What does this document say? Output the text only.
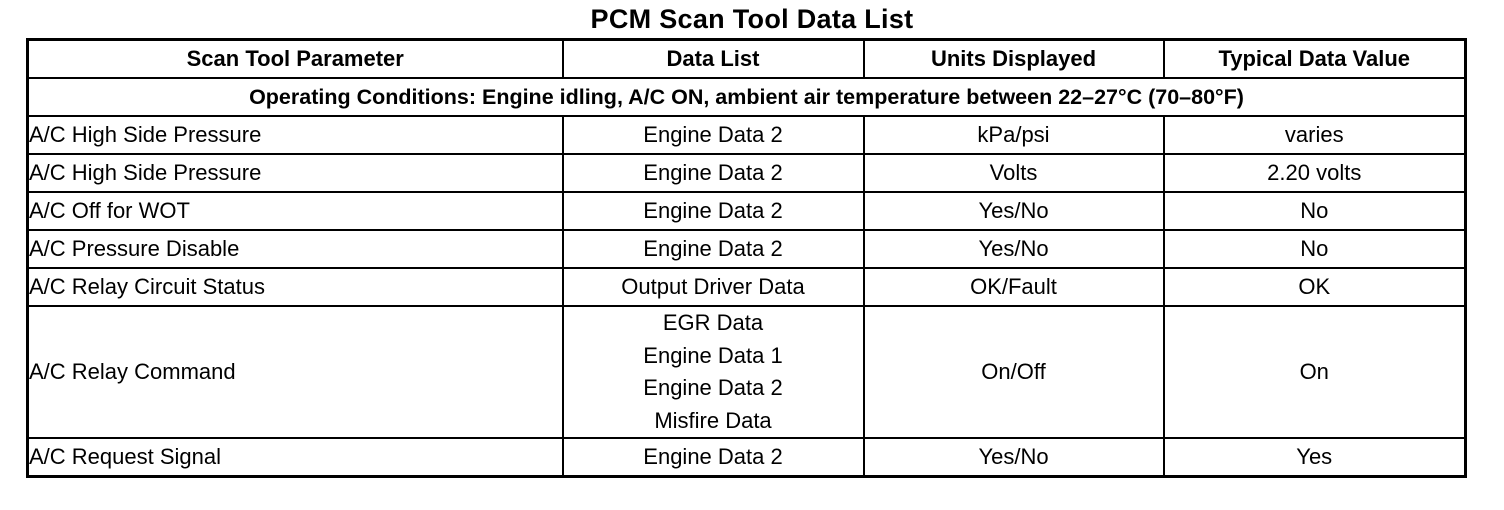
PCM Scan Tool Data List
Scan Tool Parameter	Data List	Units Displayed	Typical Data Value
Operating Conditions: Engine idling, A/C ON, ambient air temperature between 22–27°C (70–80°F)			
A/C High Side Pressure	Engine Data 2	kPa/psi	varies
A/C High Side Pressure	Engine Data 2	Volts	2.20 volts
A/C Off for WOT	Engine Data 2	Yes/No	No
A/C Pressure Disable	Engine Data 2	Yes/No	No
A/C Relay Circuit Status	Output Driver Data	OK/Fault	OK
A/C Relay Command	EGR Data
Engine Data 1
Engine Data 2
Misfire Data	On/Off	On
A/C Request Signal	Engine Data 2	Yes/No	Yes
